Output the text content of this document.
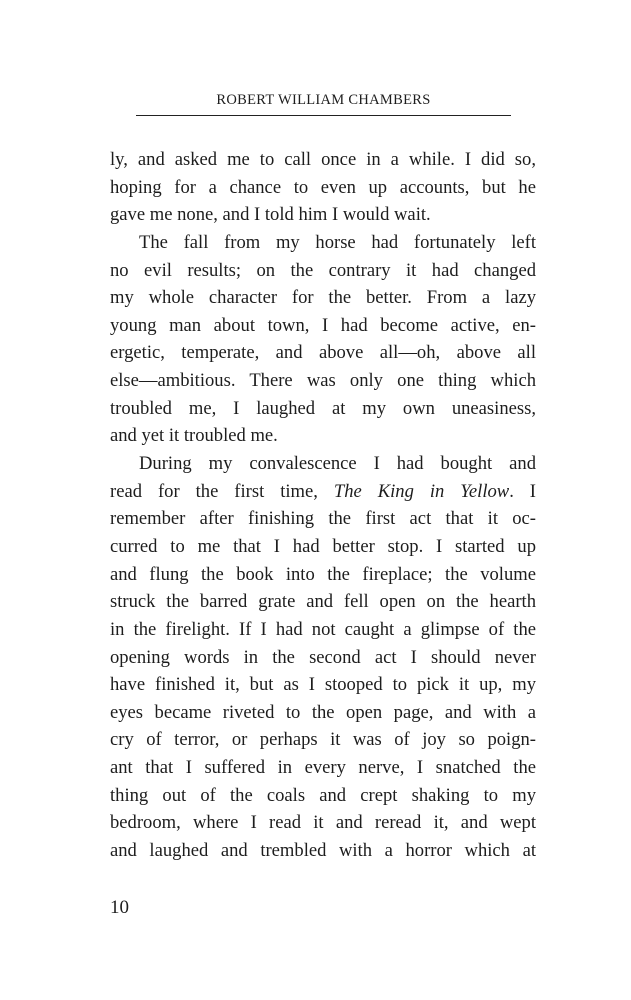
ROBERT WILLIAM CHAMBERS
ly, and asked me to call once in a while. I did so,
hoping for a chance to even up accounts, but he
gave me none, and I told him I would wait.
The fall from my horse had fortunately left
no evil results; on the contrary it had changed
my whole character for the better. From a lazy
young man about town, I had become active, en-
ergetic, temperate, and above all—oh, above all
else—ambitious. There was only one thing which
troubled me, I laughed at my own uneasiness,
and yet it troubled me.
During my convalescence I had bought and
read for the first time, The King in Yellow. I
remember after finishing the first act that it oc-
curred to me that I had better stop. I started up
and flung the book into the fireplace; the volume
struck the barred grate and fell open on the hearth
in the firelight. If I had not caught a glimpse of the
opening words in the second act I should never
have finished it, but as I stooped to pick it up, my
eyes became riveted to the open page, and with a
cry of terror, or perhaps it was of joy so poign-
ant that I suffered in every nerve, I snatched the
thing out of the coals and crept shaking to my
bedroom, where I read it and reread it, and wept
and laughed and trembled with a horror which at
10
